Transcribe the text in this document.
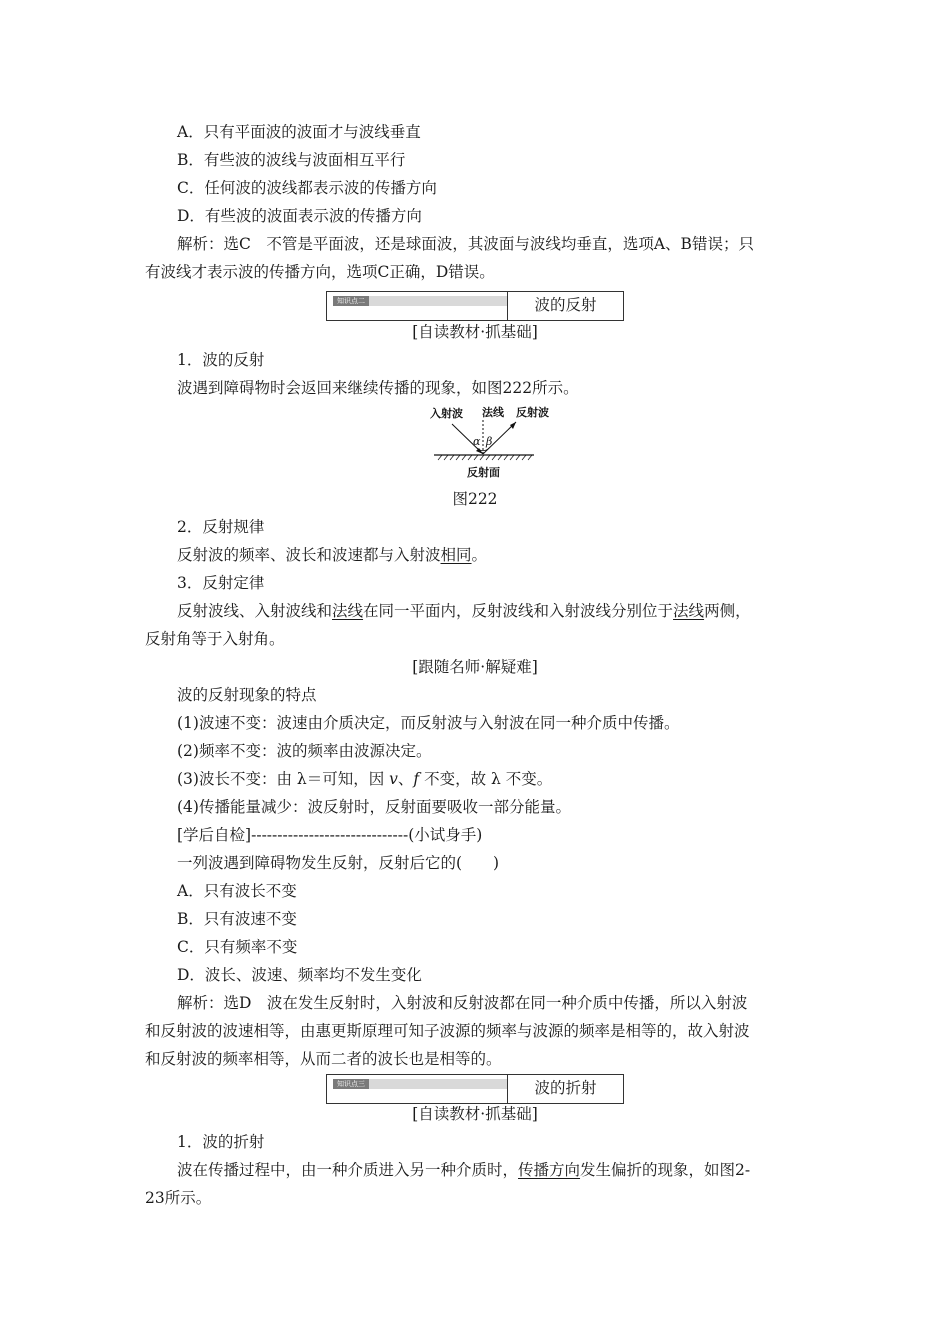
A．只有平面波的波面才与波线垂直
B．有些波的波线与波面相互平行
C．任何波的波线都表示波的传播方向
D．有些波的波面表示波的传播方向
解析：选C　不管是平面波，还是球面波，其波面与波线均垂直，选项A、B错误；只
有波线才表示波的传播方向，选项C正确，D错误。
知识点二	波的反射
[自读教材·抓基础]
1．波的反射
波遇到障碍物时会返回来继续传播的现象，如图222所示。
入射波 法线 反射波
α β
反射面
图222
2．反射规律
反射波的频率、波长和波速都与入射波相同。
3．反射定律
反射波线、入射波线和法线在同一平面内，反射波线和入射波线分别位于法线两侧，
反射角等于入射角。
[跟随名师·解疑难]
波的反射现象的特点
(1)波速不变：波速由介质决定，而反射波与入射波在同一种介质中传播。
(2)频率不变：波的频率由波源决定。
(3)波长不变：由 λ＝可知，因 v、f 不变，故 λ 不变。
(4)传播能量减少：波反射时，反射面要吸收一部分能量。
[学后自检]------------------------------(小试身手)
一列波遇到障碍物发生反射，反射后它的(　　)
A．只有波长不变
B．只有波速不变
C．只有频率不变
D．波长、波速、频率均不发生变化
解析：选D　波在发生反射时，入射波和反射波都在同一种介质中传播，所以入射波
和反射波的波速相等，由惠更斯原理可知子波源的频率与波源的频率是相等的，故入射波
和反射波的频率相等，从而二者的波长也是相等的。
知识点三	波的折射
[自读教材·抓基础]
1．波的折射
波在传播过程中，由一种介质进入另一种介质时，传播方向发生偏折的现象，如图2-
23所示。
